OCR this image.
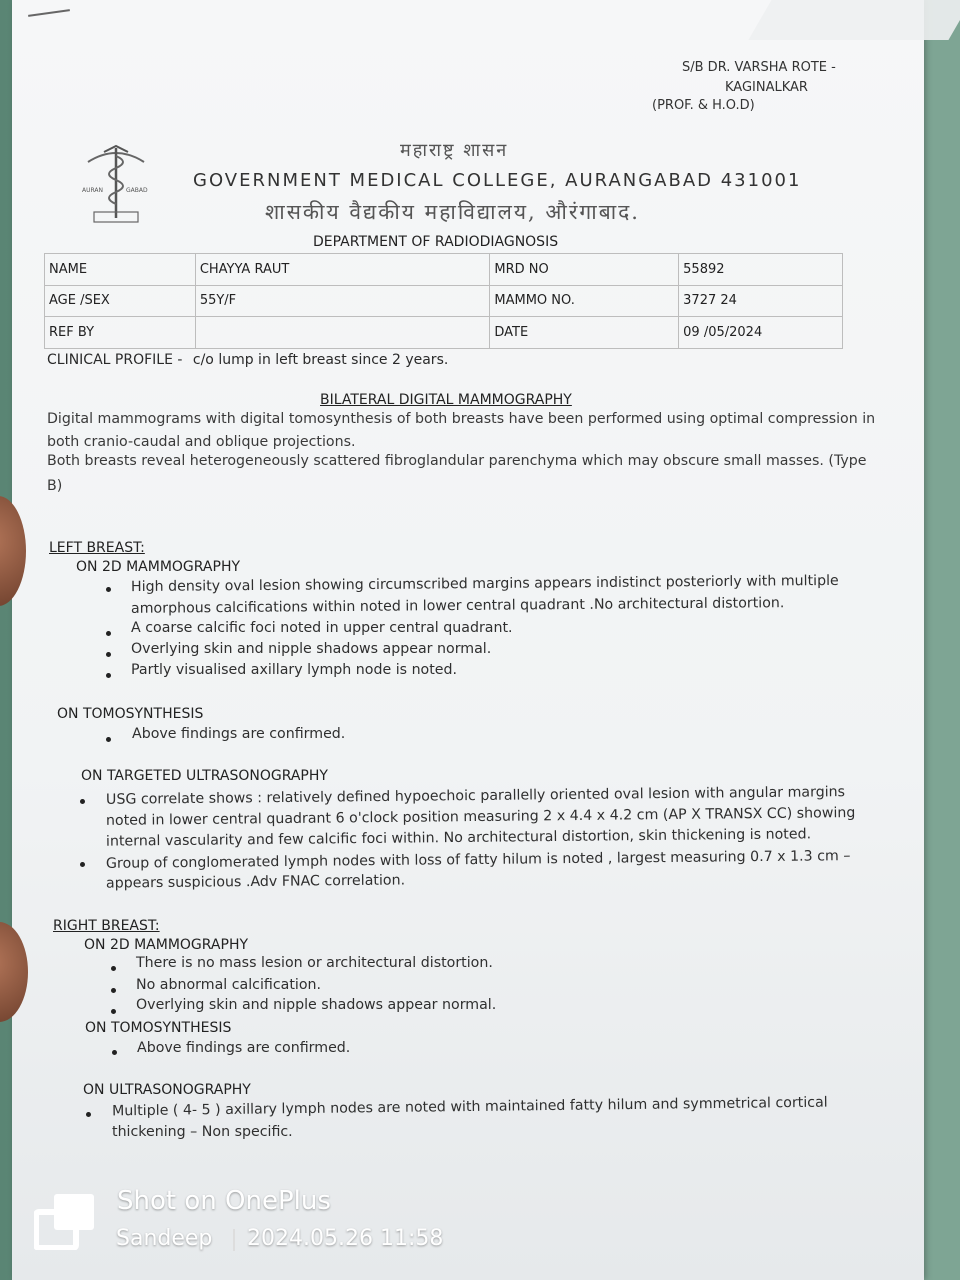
S/B DR. VARSHA ROTE -
KAGINALKAR
(PROF. & H.O.D)
AURAN	GABAD
महाराष्ट्र शासन
GOVERNMENT MEDICAL COLLEGE, AURANGABAD 431001
शासकीय वैद्यकीय महाविद्यालय, औरंगाबाद.
DEPARTMENT OF RADIODIAGNOSIS
NAME	CHAYYA RAUT	MRD NO	55892
AGE /SEX	55Y/F	MAMMO NO.	3727 24
REF BY		DATE	09 /05/2024
CLINICAL PROFILE - c/o lump in left breast since 2 years.
BILATERAL DIGITAL MAMMOGRAPHY
Digital mammograms with digital tomosynthesis of both breasts have been performed using optimal compression in
both cranio-caudal and oblique projections.
Both breasts reveal heterogeneously scattered fibroglandular parenchyma which may obscure small masses. (Type
B)
LEFT BREAST:
ON 2D MAMMOGRAPHY
High density oval lesion showing circumscribed margins appears indistinct posteriorly with multiple
amorphous calcifications within noted in lower central quadrant .No architectural distortion.
A coarse calcific foci noted in upper central quadrant.
Overlying skin and nipple shadows appear normal.
Partly visualised axillary lymph node is noted.
ON TOMOSYNTHESIS
Above findings are confirmed.
ON TARGETED ULTRASONOGRAPHY
USG correlate shows : relatively defined hypoechoic parallelly oriented oval lesion with angular margins
noted in lower central quadrant 6 o'clock position measuring 2 x 4.4 x 4.2 cm (AP X TRANSX CC) showing
internal vascularity and few calcific foci within. No architectural distortion, skin thickening is noted.
Group of conglomerated lymph nodes with loss of fatty hilum is noted , largest measuring 0.7 x 1.3 cm –
appears suspicious .Adv FNAC correlation.
RIGHT BREAST:
ON 2D MAMMOGRAPHY
There is no mass lesion or architectural distortion.
No abnormal calcification.
Overlying skin and nipple shadows appear normal.
ON TOMOSYNTHESIS
Above findings are confirmed.
ON ULTRASONOGRAPHY
Multiple ( 4- 5 ) axillary lymph nodes are noted with maintained fatty hilum and symmetrical cortical
thickening – Non specific.
Shot on OnePlus
Sandeep 2024.05.26 11:58
